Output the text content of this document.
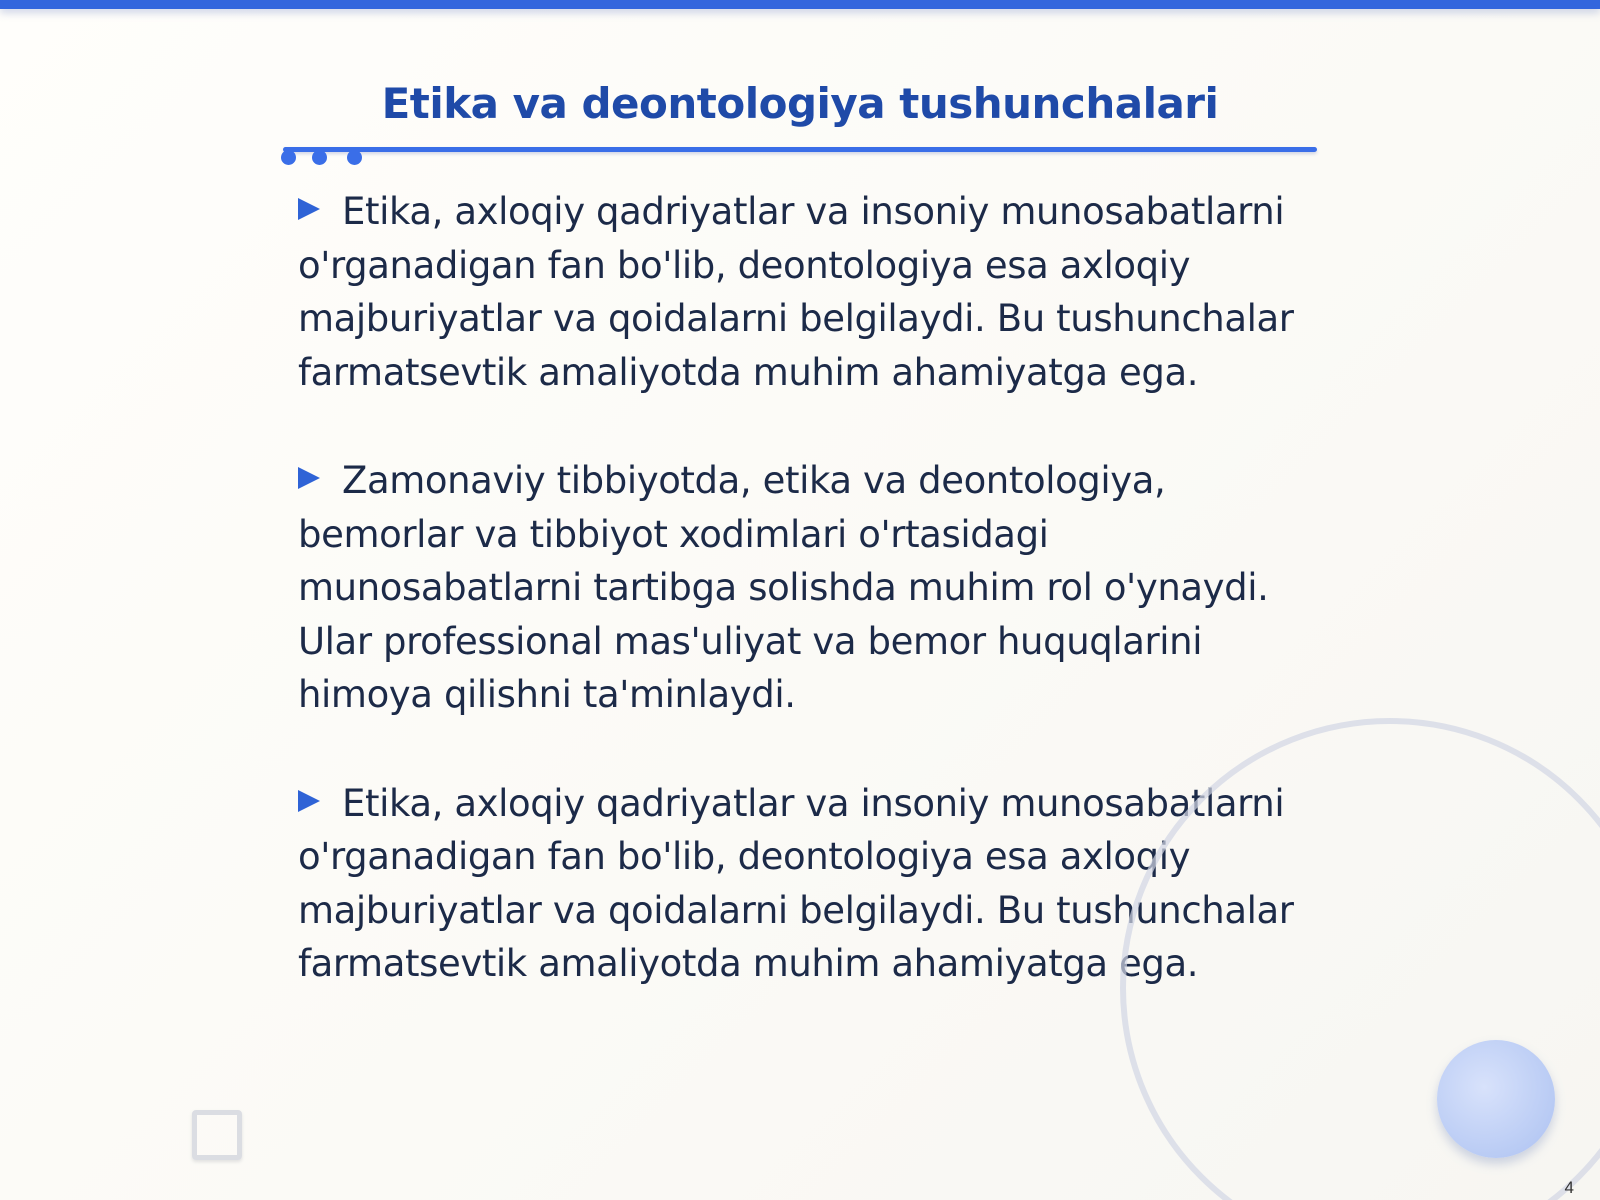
Etika va deontologiya tushunchalari
Etika, axloqiy qadriyatlar va insoniy munosabatlarni o'rganadigan fan bo'lib, deontologiya esa axloqiy majburiyatlar va qoidalarni belgilaydi. Bu tushunchalar farmatsevtik amaliyotda muhim ahamiyatga ega.
Zamonaviy tibbiyotda, etika va deontologiya, bemorlar va tibbiyot xodimlari o'rtasidagi munosabatlarni tartibga solishda muhim rol o'ynaydi. Ular professional mas'uliyat va bemor huquqlarini himoya qilishni ta'minlaydi.
Etika, axloqiy qadriyatlar va insoniy munosabatlarni o'rganadigan fan bo'lib, deontologiya esa axloqiy majburiyatlar va qoidalarni belgilaydi. Bu tushunchalar farmatsevtik amaliyotda muhim ahamiyatga ega.
4
